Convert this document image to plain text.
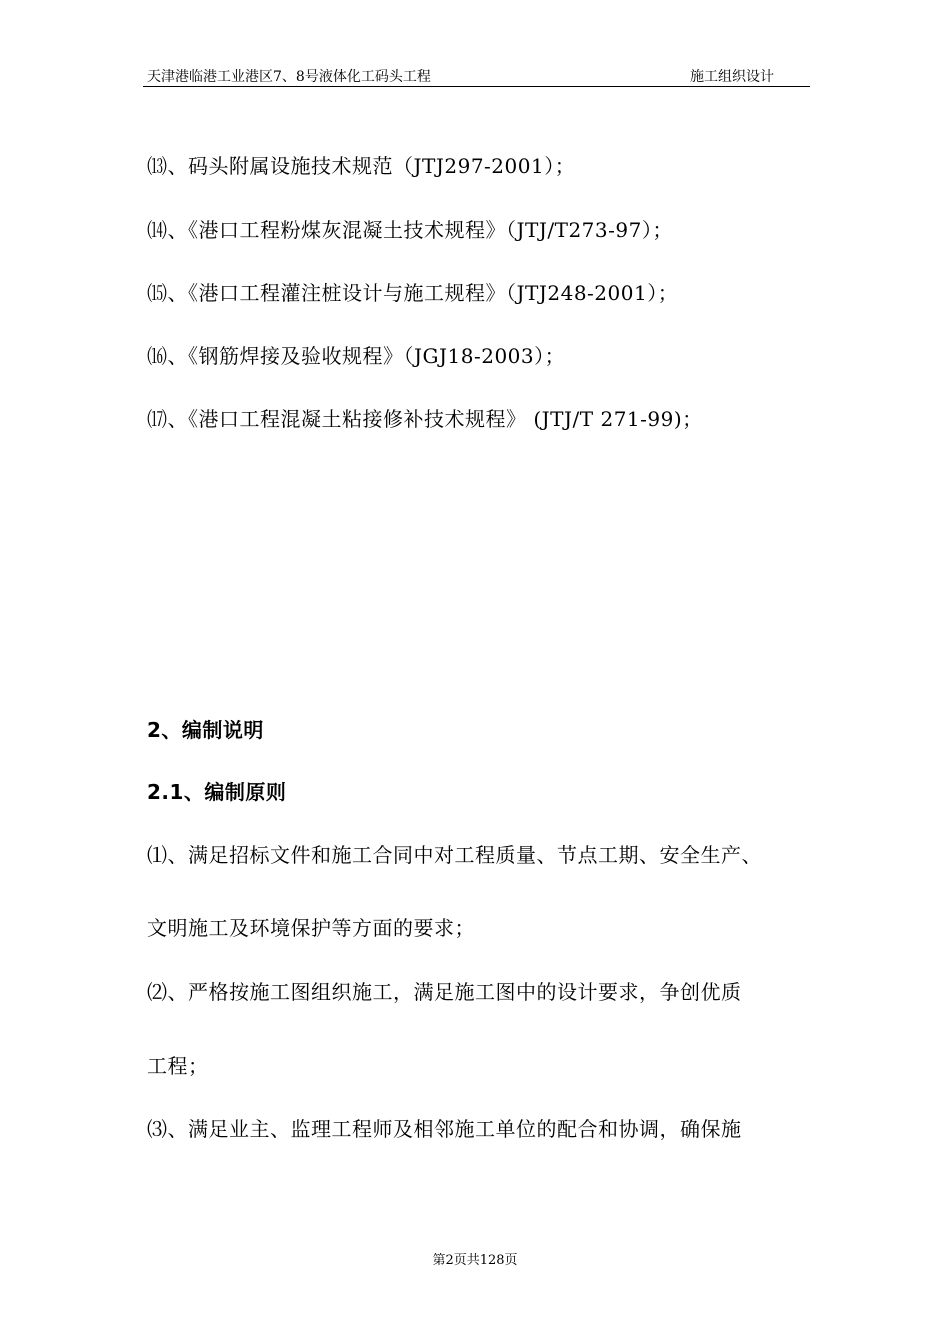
天津港临港工业港区7、8号液体化工码头工程	施工组织设计
⒀、码头附属设施技术规范（JTJ297-2001）；
⒁、《港口工程粉煤灰混凝土技术规程》（JTJ/T273-97）；
⒂、《港口工程灌注桩设计与施工规程》（JTJ248-2001）；
⒃、《钢筋焊接及验收规程》（JGJ18-2003）；
⒄、《港口工程混凝土粘接修补技术规程》 (JTJ/T 271-99)；
2、编制说明
2.1、编制原则
⑴、满足招标文件和施工合同中对工程质量、节点工期、安全生产、
文明施工及环境保护等方面的要求；
⑵、严格按施工图组织施工，满足施工图中的设计要求，争创优质
工程；
⑶、满足业主、监理工程师及相邻施工单位的配合和协调，确保施
第2页共128页
